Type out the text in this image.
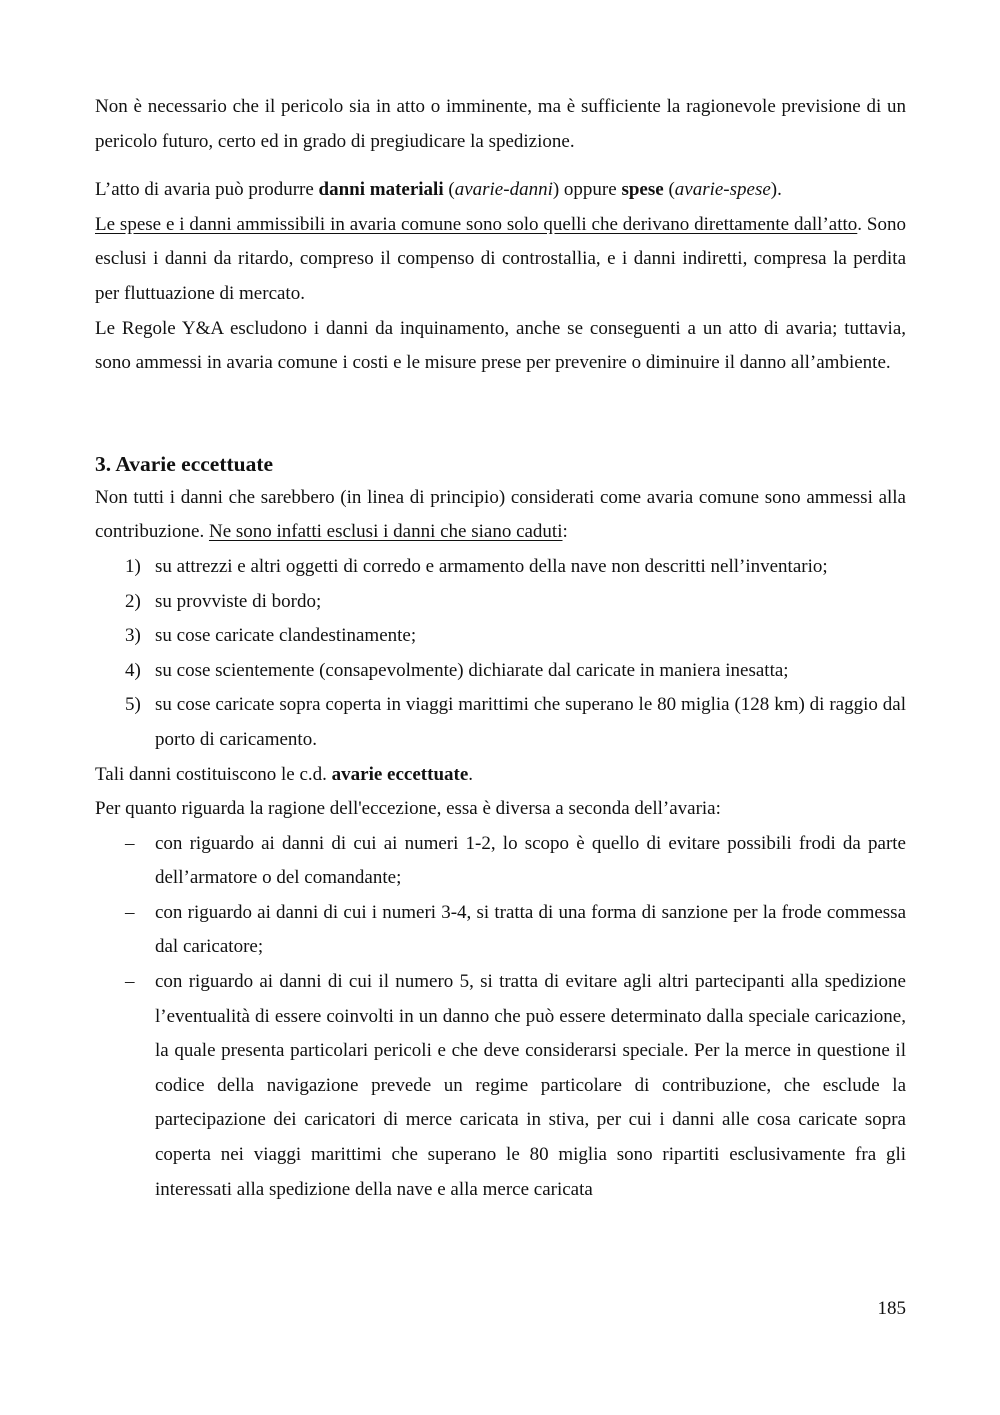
Non è necessario che il pericolo sia in atto o imminente, ma è sufficiente la ragionevole previsione di un pericolo futuro, certo ed in grado di pregiudicare la spedizione.

L’atto di avaria può produrre danni materiali (avarie-danni) oppure spese (avarie-spese).

Le spese e i danni ammissibili in avaria comune sono solo quelli che derivano direttamente dall’atto. Sono esclusi i danni da ritardo, compreso il compenso di controstallia, e i danni indiretti, compresa la perdita per fluttuazione di mercato.

Le Regole Y&A escludono i danni da inquinamento, anche se conseguenti a un atto di avaria; tuttavia, sono ammessi in avaria comune i costi e le misure prese per prevenire o diminuire il danno all’ambiente.

3. Avarie eccettuate

Non tutti i danni che sarebbero (in linea di principio) considerati come avaria comune sono ammessi alla contribuzione. Ne sono infatti esclusi i danni che siano caduti:

1) su attrezzi e altri oggetti di corredo e armamento della nave non descritti nell’inventario;
2) su provviste di bordo;
3) su cose caricate clandestinamente;
4) su cose scientemente (consapevolmente) dichiarate dal caricate in maniera inesatta;
5) su cose caricate sopra coperta in viaggi marittimi che superano le 80 miglia (128 km) di raggio dal porto di caricamento.

Tali danni costituiscono le c.d. avarie eccettuate.

Per quanto riguarda la ragione dell'eccezione, essa è diversa a seconda dell’avaria:

– con riguardo ai danni di cui ai numeri 1-2, lo scopo è quello di evitare possibili frodi da parte dell’armatore o del comandante;
– con riguardo ai danni di cui i numeri 3-4, si tratta di una forma di sanzione per la frode commessa dal caricatore;
– con riguardo ai danni di cui il numero 5, si tratta di evitare agli altri partecipanti alla spedizione l’eventualità di essere coinvolti in un danno che può essere determinato dalla speciale caricazione, la quale presenta particolari pericoli e che deve considerarsi speciale. Per la merce in questione il codice della navigazione prevede un regime particolare di contribuzione, che esclude la partecipazione dei caricatori di merce caricata in stiva, per cui i danni alle cosa caricate sopra coperta nei viaggi marittimi che superano le 80 miglia sono ripartiti esclusivamente fra gli interessati alla spedizione della nave e alla merce caricata
185
